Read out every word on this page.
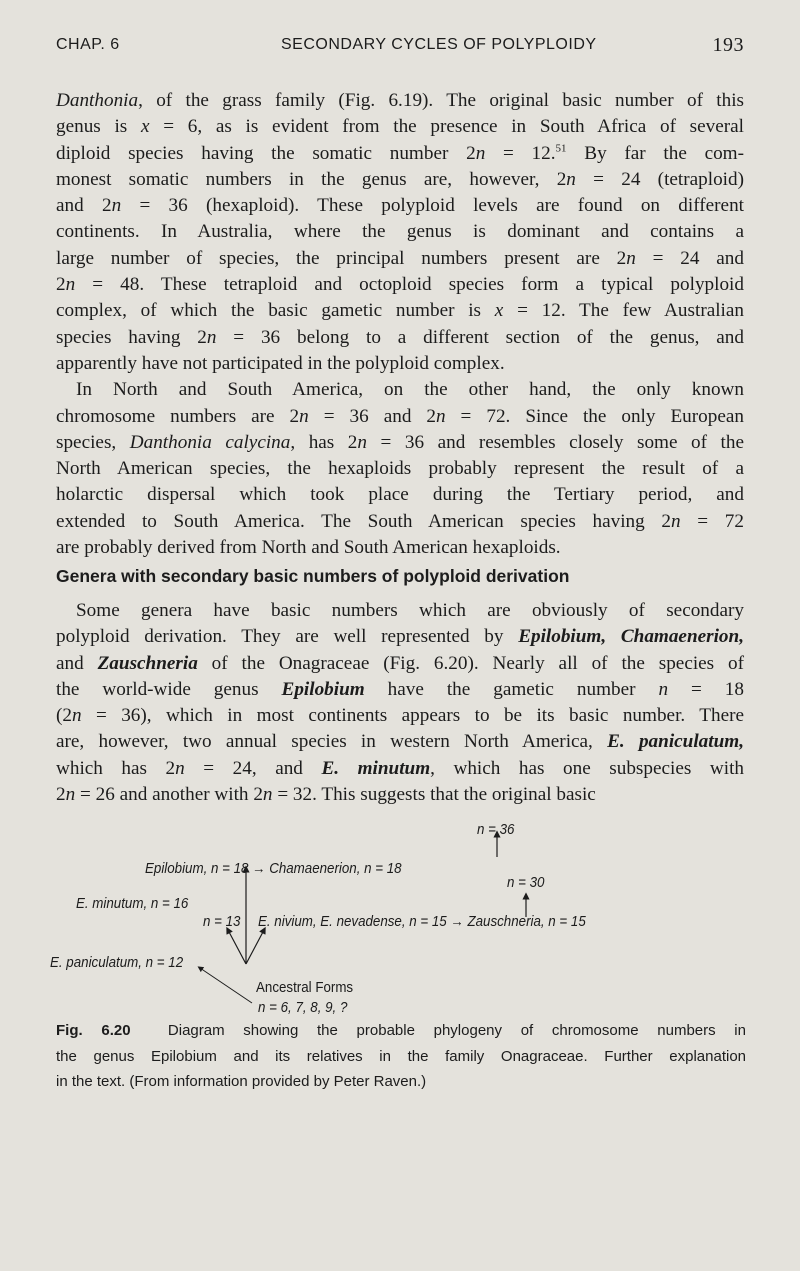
CHAP. 6	SECONDARY CYCLES OF POLYPLOIDY	193
Danthonia, of the grass family (Fig. 6.19). The original basic number of this
genus is x = 6, as is evident from the presence in South Africa of several
diploid species having the somatic number 2n = 12.51 By far the com-
monest somatic numbers in the genus are, however, 2n = 24 (tetraploid)
and 2n = 36 (hexaploid). These polyploid levels are found on different
continents. In Australia, where the genus is dominant and contains a
large number of species, the principal numbers present are 2n = 24 and
2n = 48. These tetraploid and octoploid species form a typical polyploid
complex, of which the basic gametic number is x = 12. The few Australian
species having 2n = 36 belong to a different section of the genus, and
apparently have not participated in the polyploid complex.
In North and South America, on the other hand, the only known
chromosome numbers are 2n = 36 and 2n = 72. Since the only European
species, Danthonia calycina, has 2n = 36 and resembles closely some of the
North American species, the hexaploids probably represent the result of a
holarctic dispersal which took place during the Tertiary period, and
extended to South America. The South American species having 2n = 72
are probably derived from North and South American hexaploids.
Genera with secondary basic numbers of polyploid derivation
Some genera have basic numbers which are obviously of secondary
polyploid derivation. They are well represented by Epilobium, Chamaenerion,
and Zauschneria of the Onagraceae (Fig. 6.20). Nearly all of the species of
the world-wide genus Epilobium have the gametic number n = 18
(2n = 36), which in most continents appears to be its basic number. There
are, however, two annual species in western North America, E. paniculatum,
which has 2n = 24, and E. minutum, which has one subspecies with
2n = 26 and another with 2n = 32. This suggests that the original basic
n = 36
Epilobium, n = 18 → Chamaenerion, n = 18
n = 30
E. minutum, n = 16
n = 13 E. nivium, E. nevadense, n = 15 → Zauschneria, n = 15
E. paniculatum, n = 12
Ancestral Forms
n = 6, 7, 8, 9, ?
Fig. 6.20 Diagram showing the probable phylogeny of chromosome numbers in
the genus Epilobium and its relatives in the family Onagraceae. Further explanation
in the text. (From information provided by Peter Raven.)
